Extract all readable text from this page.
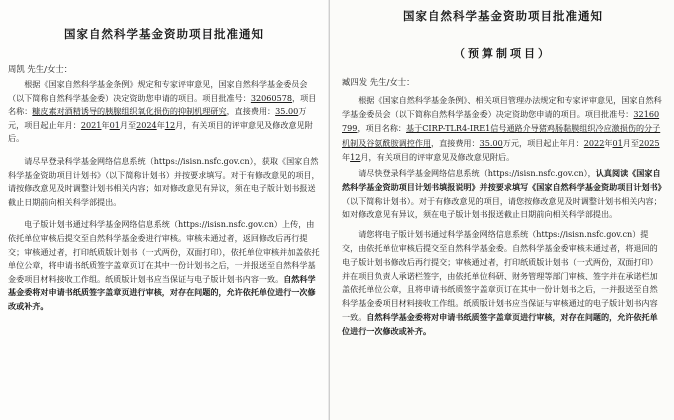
国家自然科学基金资助项目批准通知

周凯 先生/女士：

根据《国家自然科学基金条例》规定和专家评审意见，国家自然科学基金委员会（以下简称自然科学基金委）决定资助您申请的项目。项目批准号：32060578，项目名称：糠皮素对酒精诱导的胰腺组织氧化损伤的抑制机理研究，直接费用：35.00万元，项目起止年月：2021年01月至2024年12月，有关项目的评审意见及修改意见附后。

请尽早登录科学基金网络信息系统（https://isisn.nsfc.gov.cn），获取《国家自然科学基金资助项目计划书》（以下简称计划书）并按要求填写。对于有修改意见的项目，请按修改意见及时调整计划书相关内容；如对修改意见有异议，须在电子版计划书报送截止日期前向相关科学部提出。

电子版计划书通过科学基金网络信息系统（https://isisn.nsfc.gov.cn）上传，由依托单位审核后提交至自然科学基金委进行审核。审核未通过者，返回修改后再行提交；审核通过者，打印纸质版计划书（一式两份，双面打印），依托单位审核并加盖依托单位公章，将申请书纸质签字盖章页订在其中一份计划书之后，一并报送至自然科学基金委项目材料接收工作组。纸质版计划书应当保证与电子版计划书内容一致。自然科学基金委将对申请书纸质签字盖章页进行审核，对存在问题的，允许依托单位进行一次修改或补齐。

国家自然科学基金资助项目批准通知
（预算制项目）

臧四发 先生/女士：

根据《国家自然科学基金条例》、相关项目管理办法规定和专家评审意见，国家自然科学基金委员会（以下简称自然科学基金委）决定资助您申请的项目。项目批准号：32160799，项目名称：基于CIRP-TLR4-IRE1信号通路介导猪鸡肠黏膜组织冷应激损伤的分子机制及谷氨酰胺调控作用，直接费用：35.00万元，项目起止年月：2022年01月至2025年12月，有关项目的评审意见及修改意见附后。

请尽快登录科学基金网络信息系统（https://isisn.nsfc.gov.cn），认真阅读《国家自然科学基金资助项目计划书填报说明》并按要求填写《国家自然科学基金资助项目计划书》（以下简称计划书）。对于有修改意见的项目，请您按修改意见及时调整计划书相关内容；如对修改意见有异议，须在电子版计划书报送截止日期前向相关科学部提出。

请您将电子版计划书通过科学基金网络信息系统（https://isisn.nsfc.gov.cn）提交，由依托单位审核后提交至自然科学基金委。自然科学基金委审核未通过者，将退回的电子版计划书修改后再行提交；审核通过者，打印纸质版计划书（一式两份，双面打印）并在项目负责人承诺栏签字，由依托单位科研、财务管理等部门审核、签字并在承诺栏加盖依托单位公章，且将申请书纸质签字盖章页订在其中一份计划书之后，一并报送至自然科学基金委项目材料接收工作组。纸质版计划书应当保证与审核通过的电子版计划书内容一致。自然科学基金委将对申请书纸质签字盖章页进行审核，对存在问题的，允许依托单位进行一次修改或补齐。
